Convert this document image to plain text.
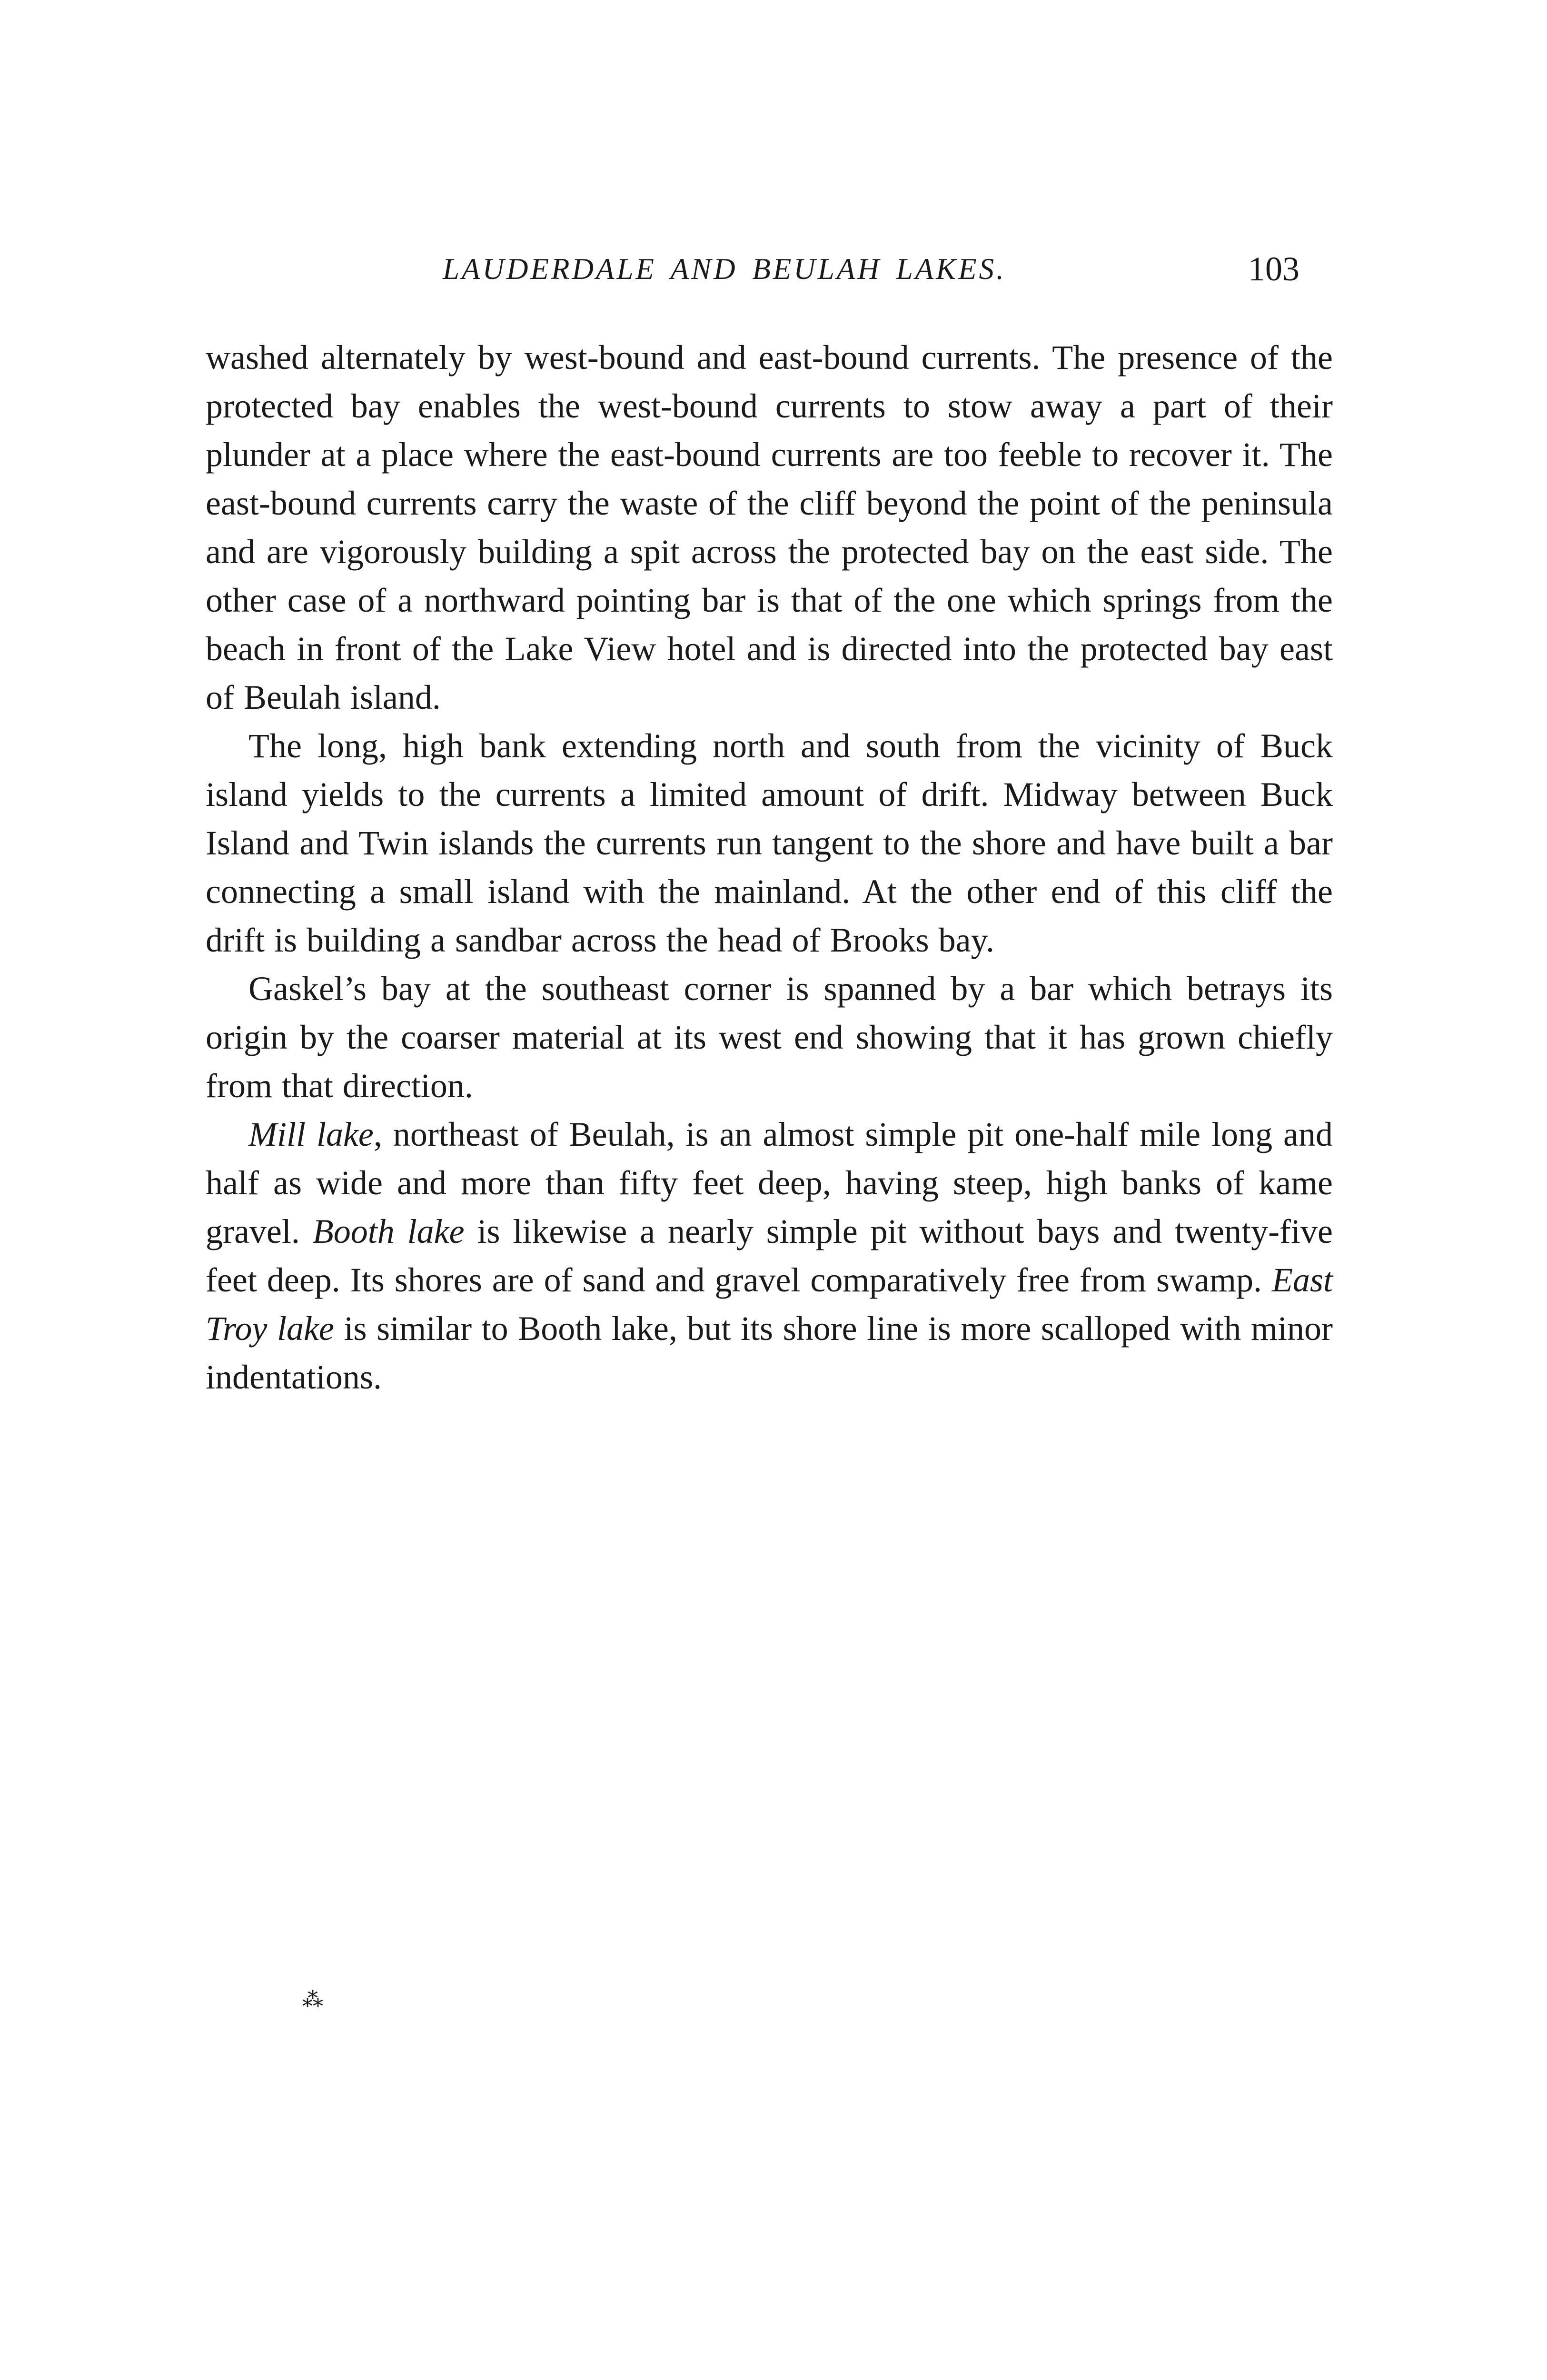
LAUDERDALE AND BEULAH LAKES.	103

washed alternately by west-bound and east-bound currents. The presence of the protected bay enables the west-bound currents to stow away a part of their plunder at a place where the east-bound currents are too feeble to recover it. The east-bound currents carry the waste of the cliff beyond the point of the peninsula and are vigorously building a spit across the protected bay on the east side. The other case of a northward pointing bar is that of the one which springs from the beach in front of the Lake View hotel and is directed into the protected bay east of Beulah island.

The long, high bank extending north and south from the vicinity of Buck island yields to the currents a limited amount of drift. Midway between Buck Island and Twin islands the currents run tangent to the shore and have built a bar connecting a small island with the mainland. At the other end of this cliff the drift is building a sandbar across the head of Brooks bay.

Gaskel’s bay at the southeast corner is spanned by a bar which betrays its origin by the coarser material at its west end showing that it has grown chiefly from that direction.

Mill lake, northeast of Beulah, is an almost simple pit one-half mile long and half as wide and more than fifty feet deep, having steep, high banks of kame gravel. Booth lake is likewise a nearly simple pit without bays and twenty-five feet deep. Its shores are of sand and gravel comparatively free from swamp. East Troy lake is similar to Booth lake, but its shore line is more scalloped with minor indentations.

⁂
